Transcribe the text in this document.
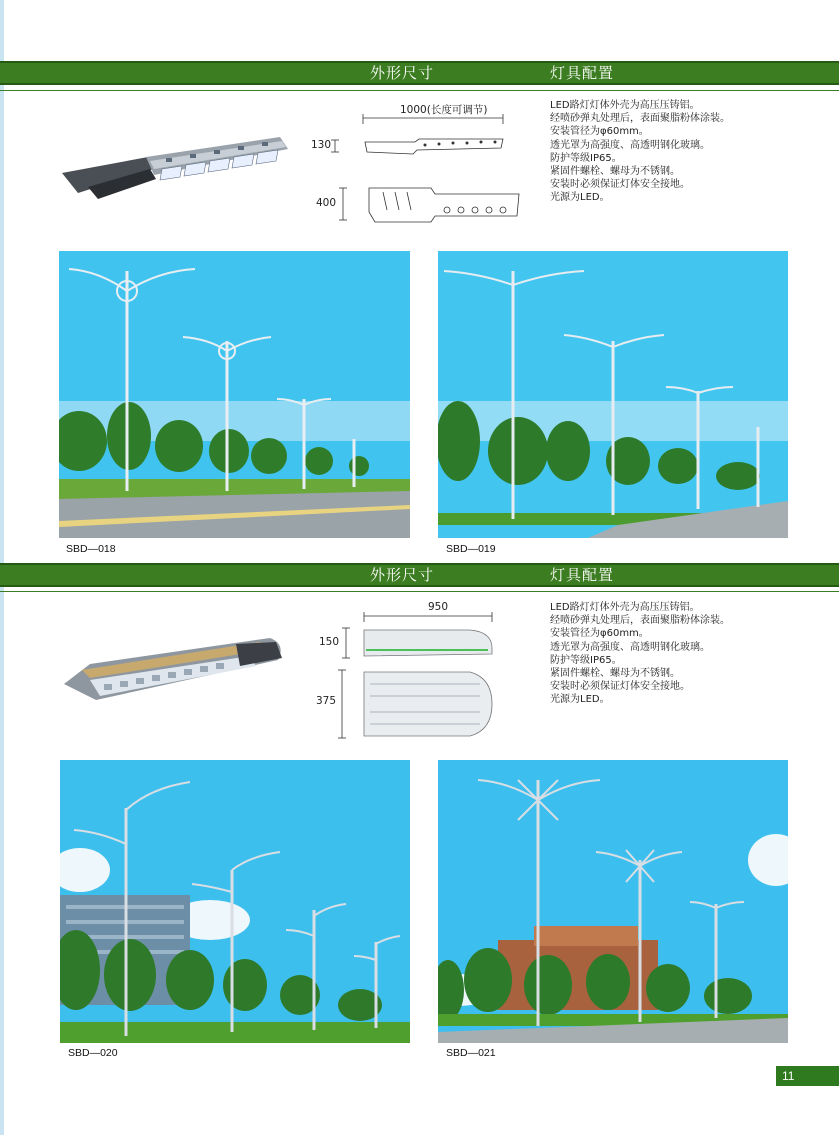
外形尺寸	灯具配置
1000(长度可调节)
130
400
LED路灯灯体外壳为高压压铸铝。
经喷砂弹丸处理后，表面聚脂粉体涂装。
安装管径为φ60mm。
透光罩为高强度、高透明钢化玻璃。
防护等级IP65。
紧固件螺栓、螺母为不锈钢。
安装时必须保证灯体安全接地。
光源为LED。
SBD—018	SBD—019
外形尺寸	灯具配置
950
150
375
LED路灯灯体外壳为高压压铸铝。
经喷砂弹丸处理后，表面聚脂粉体涂装。
安装管径为φ60mm。
透光罩为高强度、高透明钢化玻璃。
防护等级IP65。
紧固件螺栓、螺母为不锈钢。
安装时必须保证灯体安全接地。
光源为LED。
SBD—020	SBD—021
11
